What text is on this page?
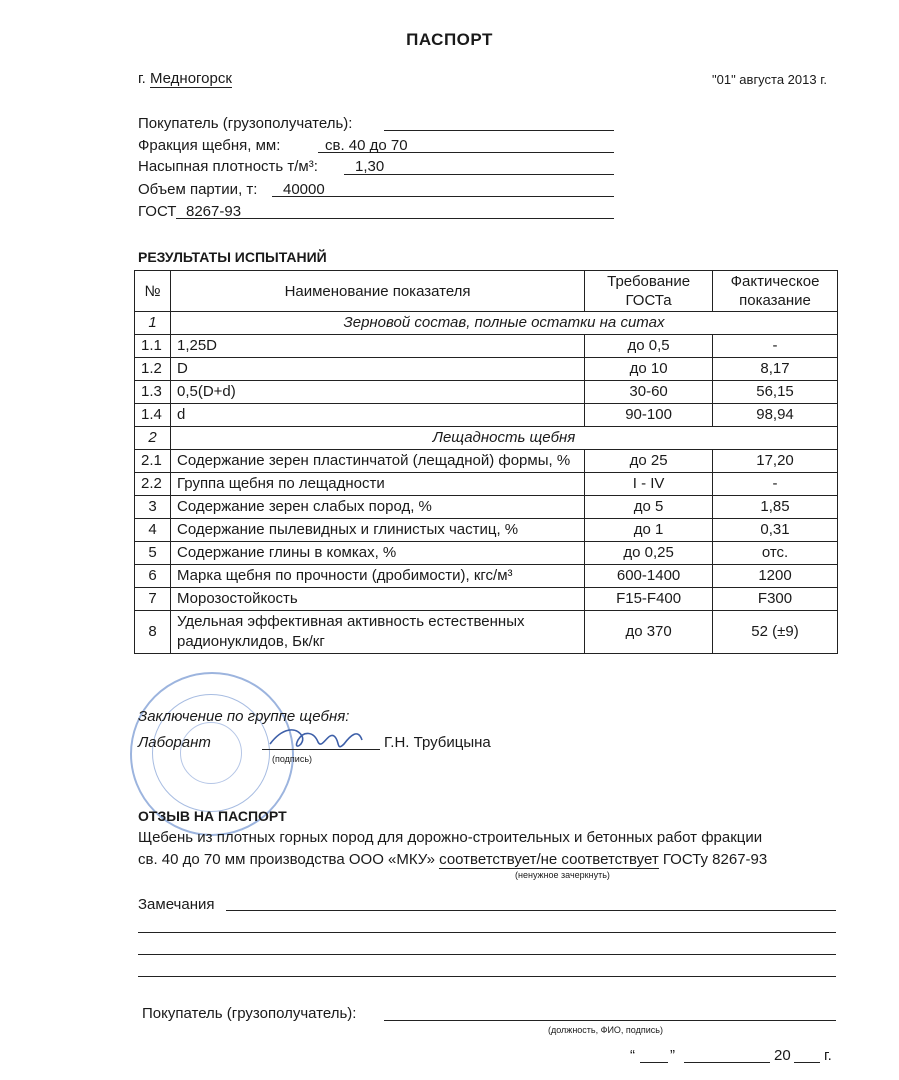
ПАСПОРТ
г. Медногорск	"01" августа 2013 г.
Покупатель (грузополучатель):
Фракция щебня, мм:	св. 40 до 70
Насыпная плотность т/м³: 1,30
Объем партии, т: 40000
ГОСТ 8267-93
РЕЗУЛЬТАТЫ ИСПЫТАНИЙ
№	Наименование показателя	Требование ГОСТа	Фактическое показание
1	Зерновой состав, полные остатки на ситах		
1.1	1,25D	до 0,5	-
1.2	D	до 10	8,17
1.3	0,5(D+d)	30-60	56,15
1.4	d	90-100	98,94
2	Лещадность щебня		
2.1	Содержание зерен пластинчатой (лещадной) формы, %	до 25	17,20
2.2	Группа щебня по лещадности	I - IV	-
3	Содержание зерен слабых пород, %	до 5	1,85
4	Содержание пылевидных и глинистых частиц, %	до 1	0,31
5	Содержание глины в комках, %	до 0,25	отс.
6	Марка щебня по прочности (дробимости), кгс/м³	600-1400	1200
7	Морозостойкость	F15-F400	F300
8	Удельная эффективная активность естественных радионуклидов, Бк/кг	до 370	52 (±9)
Заключение по группе щебня:
Лаборант	Г.Н. Трубицына
(подпись)
ОТЗЫВ НА ПАСПОРТ
Щебень из плотных горных пород для дорожно-строительных и бетонных работ фракции
св. 40 до 70 мм производства ООО «МКУ» соответствует/не соответствует ГОСТу 8267-93
(ненужное зачеркнуть)
Замечания
Покупатель (грузополучатель):
(должность, ФИО, подпись)
“ ”	20 г.
